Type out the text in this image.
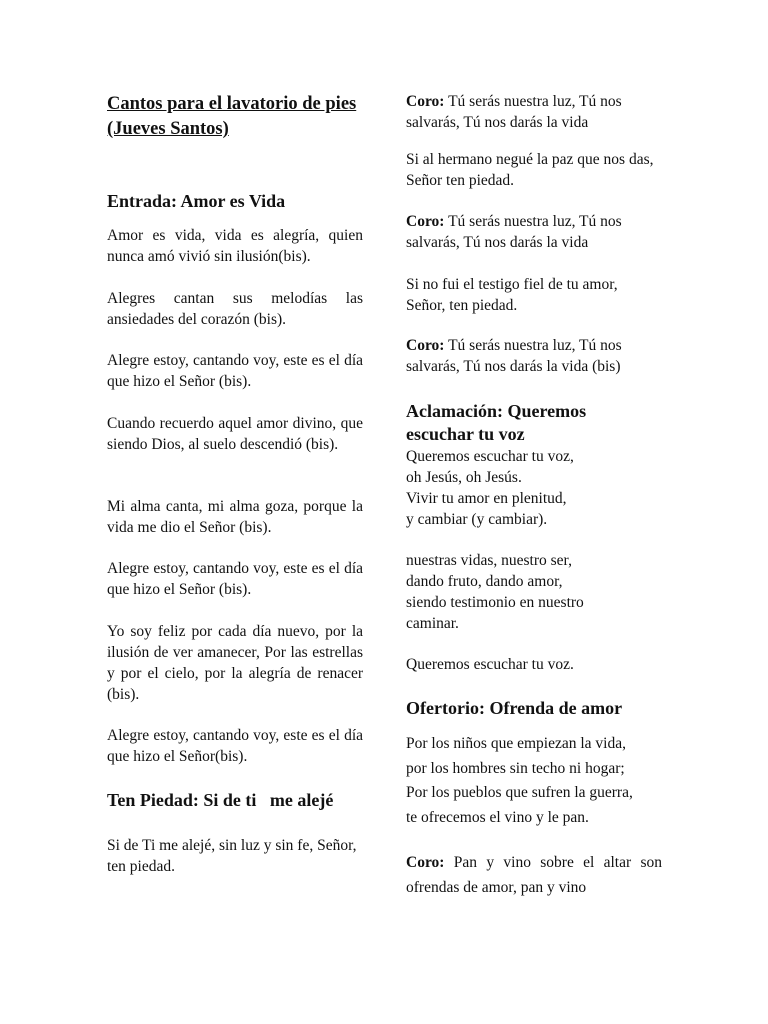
Cantos para el lavatorio de pies (Jueves Santos)
Entrada: Amor es Vida

Amor es vida, vida es alegría, quien nunca amó vivió sin ilusión(bis).

Alegres cantan sus melodías las ansiedades del corazón (bis).

Alegre estoy, cantando voy, este es el día que hizo el Señor (bis).

Cuando recuerdo aquel amor divino, que siendo Dios, al suelo descendió (bis).

Mi alma canta, mi alma goza, porque la vida me dio el Señor (bis).

Alegre estoy, cantando voy, este es el día que hizo el Señor (bis).

Yo soy feliz por cada día nuevo, por la ilusión de ver amanecer, Por las estrellas y por el cielo, por la alegría de renacer (bis).

Alegre estoy, cantando voy, este es el día que hizo el Señor(bis).

Ten Piedad: Si de ti   me alejé

Si de Ti me alejé, sin luz y sin fe, Señor, ten piedad.

Coro: Tú serás nuestra luz, Tú nos salvarás, Tú nos darás la vida

Si al hermano negué la paz que nos das, Señor ten piedad.

Coro: Tú serás nuestra luz, Tú nos salvarás, Tú nos darás la vida

Si no fui el testigo fiel de tu amor, Señor, ten piedad.

Coro: Tú serás nuestra luz, Tú nos salvarás, Tú nos darás la vida (bis)

Aclamación: Queremos escuchar tu voz
Queremos escuchar tu voz,
oh Jesús, oh Jesús.
Vivir tu amor en plenitud,
y cambiar (y cambiar).
nuestras vidas, nuestro ser,
dando fruto, dando amor,
siendo testimonio en nuestro
caminar.

Queremos escuchar tu voz.

Ofertorio: Ofrenda de amor
Por los niños que empiezan la vida,
por los hombres sin techo ni hogar;
Por los pueblos que sufren la guerra,
te ofrecemos el vino y le pan.

Coro: Pan y vino sobre el altar son ofrendas de amor, pan y vino
